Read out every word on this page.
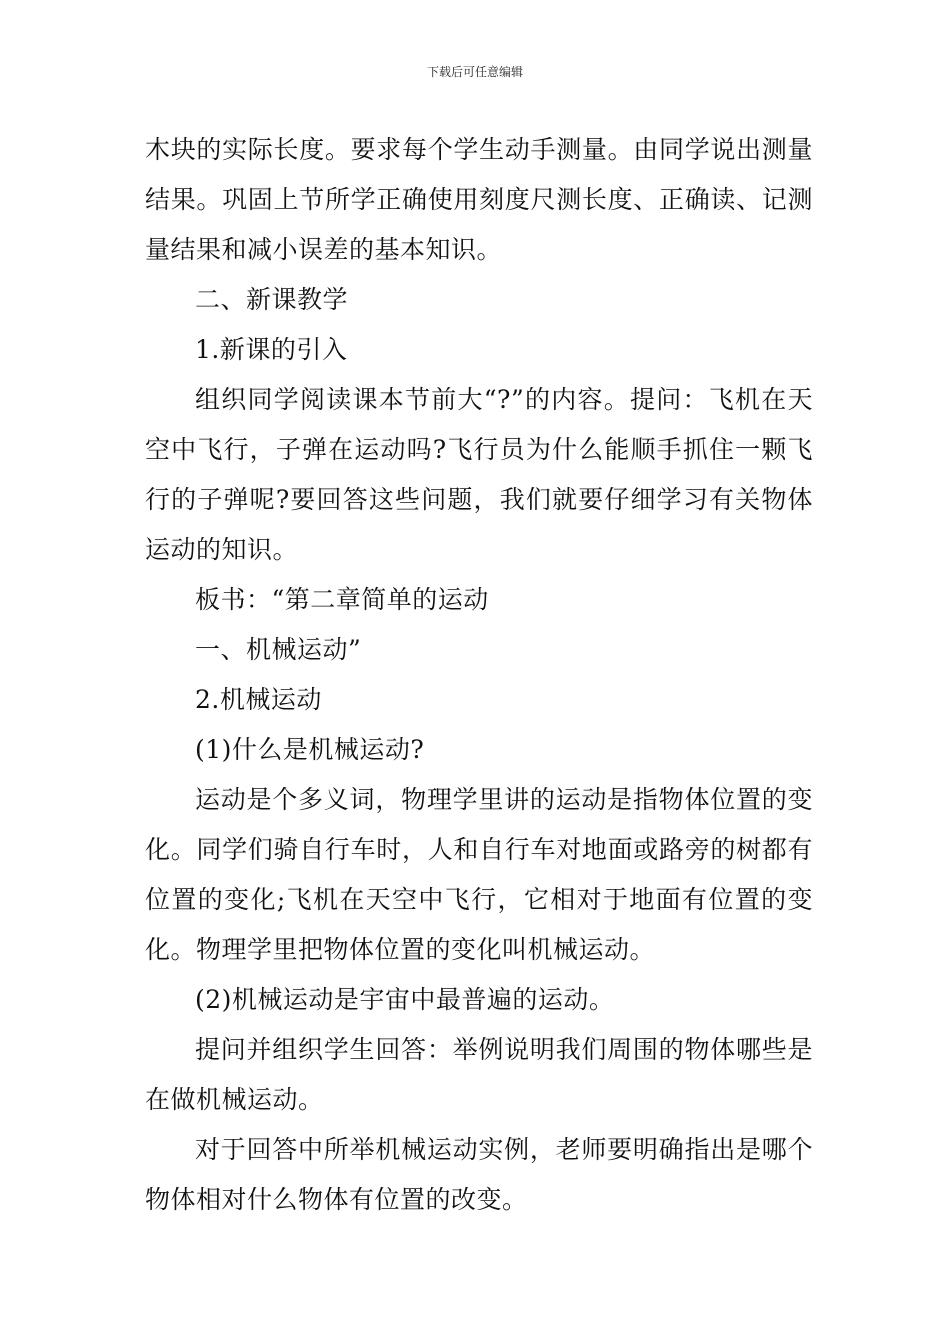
下载后可任意编辑

木块的实际长度。要求每个学生动手测量。由同学说出测量结果。巩固上节所学正确使用刻度尺测长度、正确读、记测量结果和减小误差的基本知识。

二、新课教学

1.新课的引入

组织同学阅读课本节前大“?”的内容。提问：飞机在天空中飞行，子弹在运动吗?飞行员为什么能顺手抓住一颗飞行的子弹呢?要回答这些问题，我们就要仔细学习有关物体运动的知识。

板书：“第二章简单的运动

一、机械运动”

2.机械运动

(1)什么是机械运动?

运动是个多义词，物理学里讲的运动是指物体位置的变化。同学们骑自行车时，人和自行车对地面或路旁的树都有位置的变化;飞机在天空中飞行，它相对于地面有位置的变化。物理学里把物体位置的变化叫机械运动。

(2)机械运动是宇宙中最普遍的运动。

提问并组织学生回答：举例说明我们周围的物体哪些是在做机械运动。

对于回答中所举机械运动实例，老师要明确指出是哪个物体相对什么物体有位置的改变。
